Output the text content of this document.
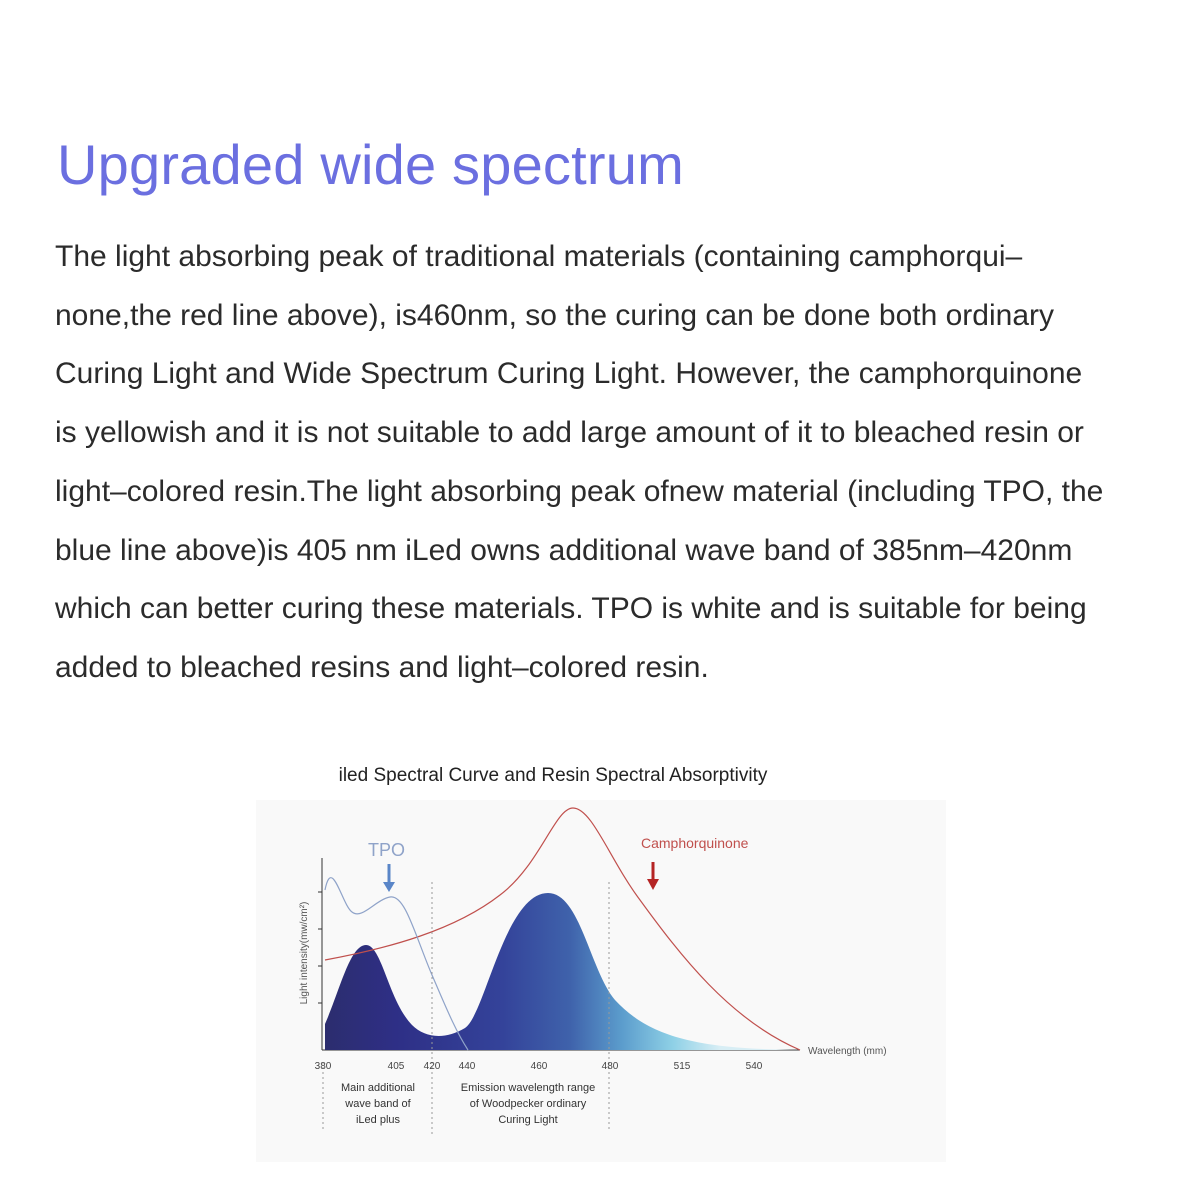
Upgraded wide spectrum

The light absorbing peak of traditional materials (containing camphorqui–
none,the red line above), is460nm, so the curing can be done both ordinary
Curing Light and Wide Spectrum Curing Light. However, the camphorquinone
is yellowish and it is not suitable to add large amount of it to bleached resin or
light–colored resin.The light absorbing peak ofnew material (including TPO, the
blue line above)is 405 nm iLed owns additional wave band of 385nm–420nm
which can better curing these materials. TPO is white and is suitable for being
added to bleached resins and light–colored resin.

iled Spectral Curve and Resin Spectral Absorptivity
TPO	Camphorquinone
Wavelength (mm)
Light intensity(mw/cm²)
380	405 420 440	460	480	515	540
Main additional
wave band of
iLed plus
Emission wavelength range
of Woodpecker ordinary
Curing Light
